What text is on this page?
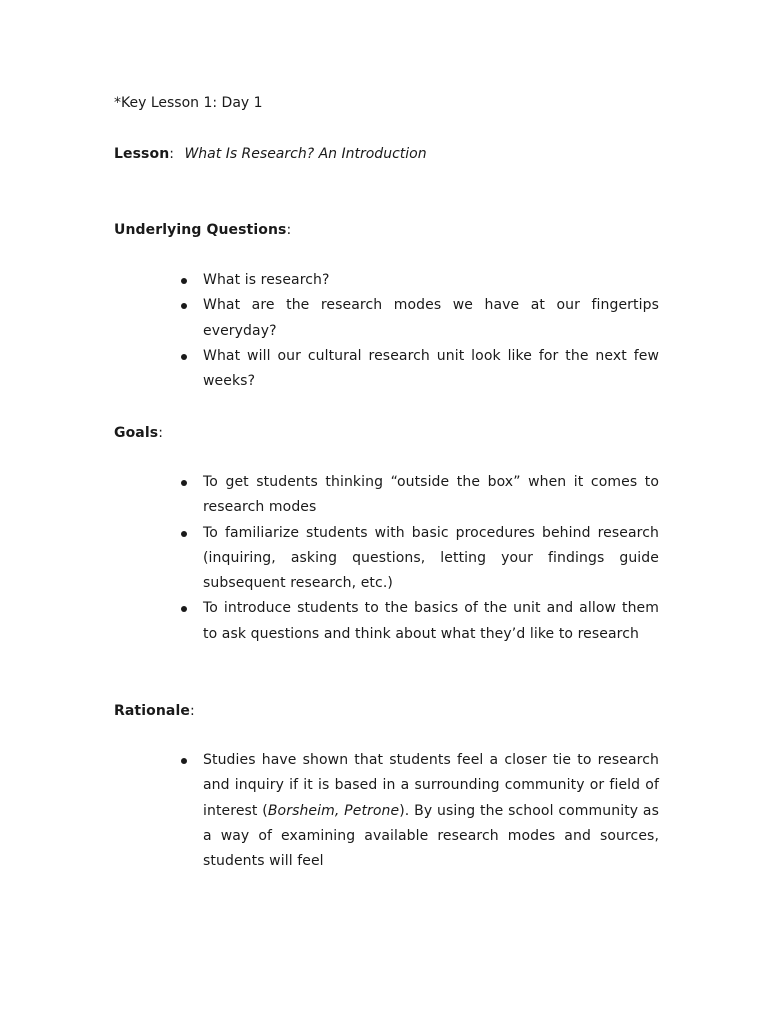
*Key Lesson 1: Day 1
Lesson: What Is Research? An Introduction
Underlying Questions:
What is research?
What are the research modes we have at our fingertips everyday?
What will our cultural research unit look like for the next few weeks?
Goals:
To get students thinking “outside the box” when it comes to research modes
To familiarize students with basic procedures behind research (inquiring, asking questions, letting your findings guide subsequent research, etc.)
To introduce students to the basics of the unit and allow them to ask questions and think about what they’d like to research
Rationale:
Studies have shown that students feel a closer tie to research and inquiry if it is based in a surrounding community or field of interest (Borsheim, Petrone). By using the school community as a way of examining available research modes and sources, students will feel
